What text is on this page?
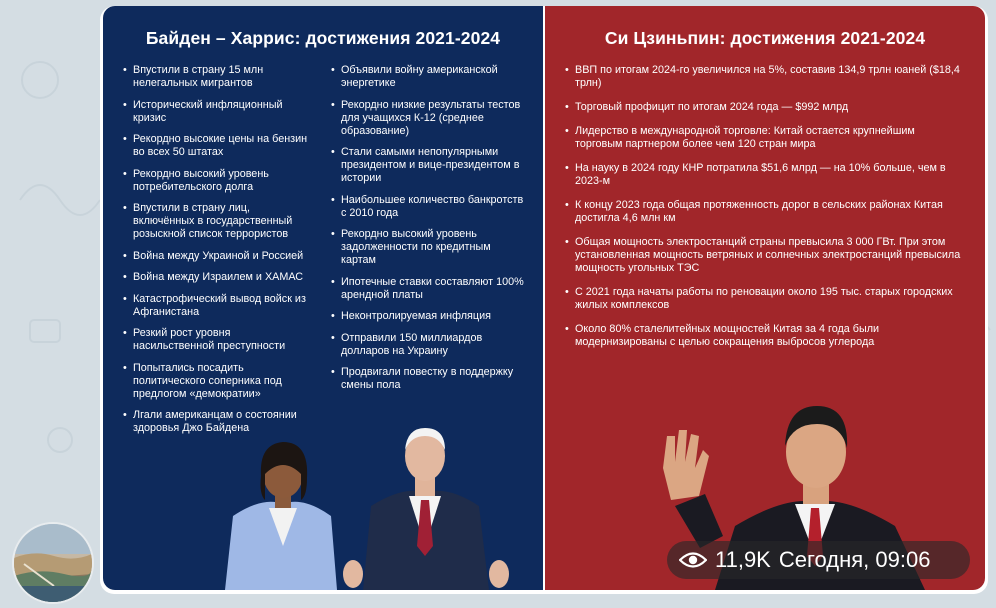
Байден – Харрис: достижения 2021-2024
• Впустили в страну 15 млн нелегальных мигрантов
• Исторический инфляционный кризис
• Рекордно высокие цены на бензин во всех 50 штатах
• Рекордно высокий уровень потребительского долга
• Впустили в страну лиц, включённых в государственный розыскной список террористов
• Война между Украиной и Россией
• Война между Израилем и ХАМАС
• Катастрофический вывод войск из Афганистана
• Резкий рост уровня насильственной преступности
• Попытались посадить политического соперника под предлогом «демократии»
• Лгали американцам о состоянии здоровья Джо Байдена
• Объявили войну американской энергетике
• Рекордно низкие результаты тестов для учащихся К-12 (среднее образование)
• Стали самыми непопулярными президентом и вице-президентом в истории
• Наибольшее количество банкротств с 2010 года
• Рекордно высокий уровень задолженности по кредитным картам
• Ипотечные ставки составляют 100% арендной платы
• Неконтролируемая инфляция
• Отправили 150 миллиардов долларов на Украину
• Продвигали повестку в поддержку смены пола
Си Цзиньпин: достижения 2021-2024
• ВВП по итогам 2024-го увеличился на 5%, составив 134,9 трлн юаней ($18,4 трлн)
• Торговый профицит по итогам 2024 года — $992 млрд
• Лидерство в международной торговле: Китай остается крупнейшим торговым партнером более чем 120 стран мира
• На науку в 2024 году КНР потратила $51,6 млрд — на 10% больше, чем в 2023-м
• К концу 2023 года общая протяженность дорог в сельских районах Китая достигла 4,6 млн км
• Общая мощность электростанций страны превысила 3 000 ГВт. При этом установленная мощность ветряных и солнечных электростанций превысила мощность угольных ТЭС
• С 2021 года начаты работы по реновации около 195 тыс. старых городских жилых комплексов
• Около 80% сталелитейных мощностей Китая за 4 года были модернизированы с целью сокращения выбросов углерода
11,9K Сегодня, 09:06
